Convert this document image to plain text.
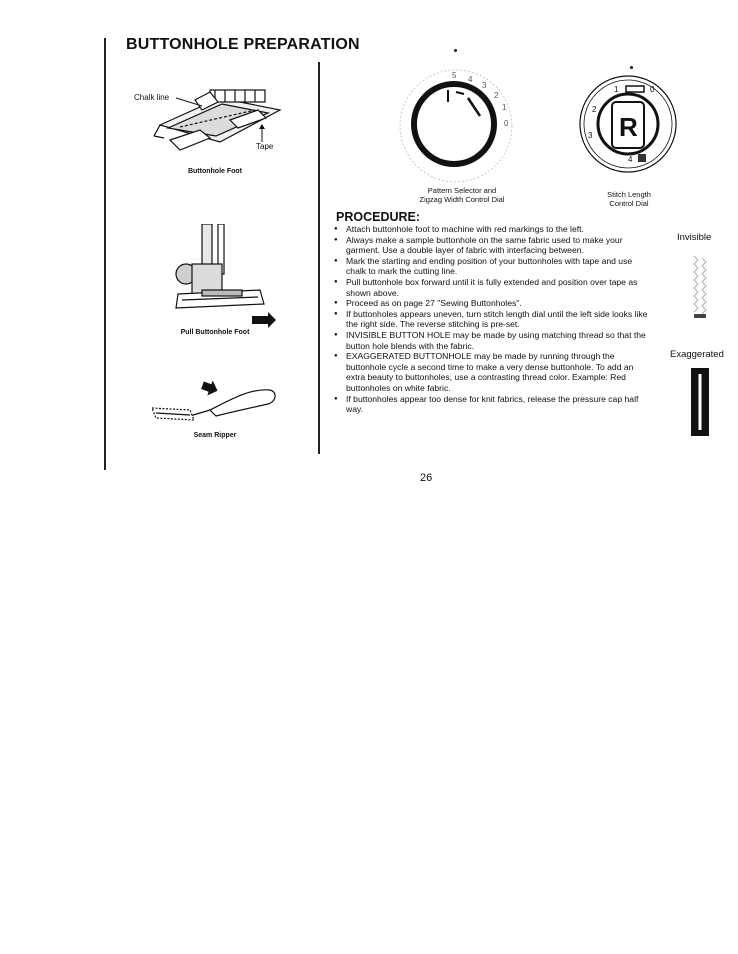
BUTTONHOLE PREPARATION
Chalk line
Tape
Buttonhole Foot
Pull Buttonhole Foot
Seam Ripper
5 4
3
2
1
0
Pattern Selector and
Zigzag Width Control Dial
R
1
2
3
0
4
Stitch Length
Control Dial
PROCEDURE:
● Attach buttonhole foot to machine with red markings to the left.
● Always make a sample buttonhole on the same fabric used to make your garment. Use a double layer of fabric with interfacing between.
● Mark the starting and ending position of your buttonholes with tape and use chalk to mark the cutting line.
● Pull buttonhole box forward until it is fully extended and position over tape as shown above.
● Proceed as on page 27 "Sewing Buttonholes".
● If buttonholes appears uneven, turn stitch length dial until the left side looks like the right side. The reverse stitching is pre-set.
● INVISIBLE BUTTON HOLE may be made by using matching thread so that the button hole blends with the fabric.
● EXAGGERATED BUTTONHOLE may be made by running through the buttonhole cycle a second time to make a very dense buttonhole. To add an extra beauty to buttonholes, use a contrasting thread color. Example: Red buttonholes on white fabric.
● If buttonholes appear too dense for knit fabrics, release the pressure cap half way.
Invisible
Exaggerated
26
